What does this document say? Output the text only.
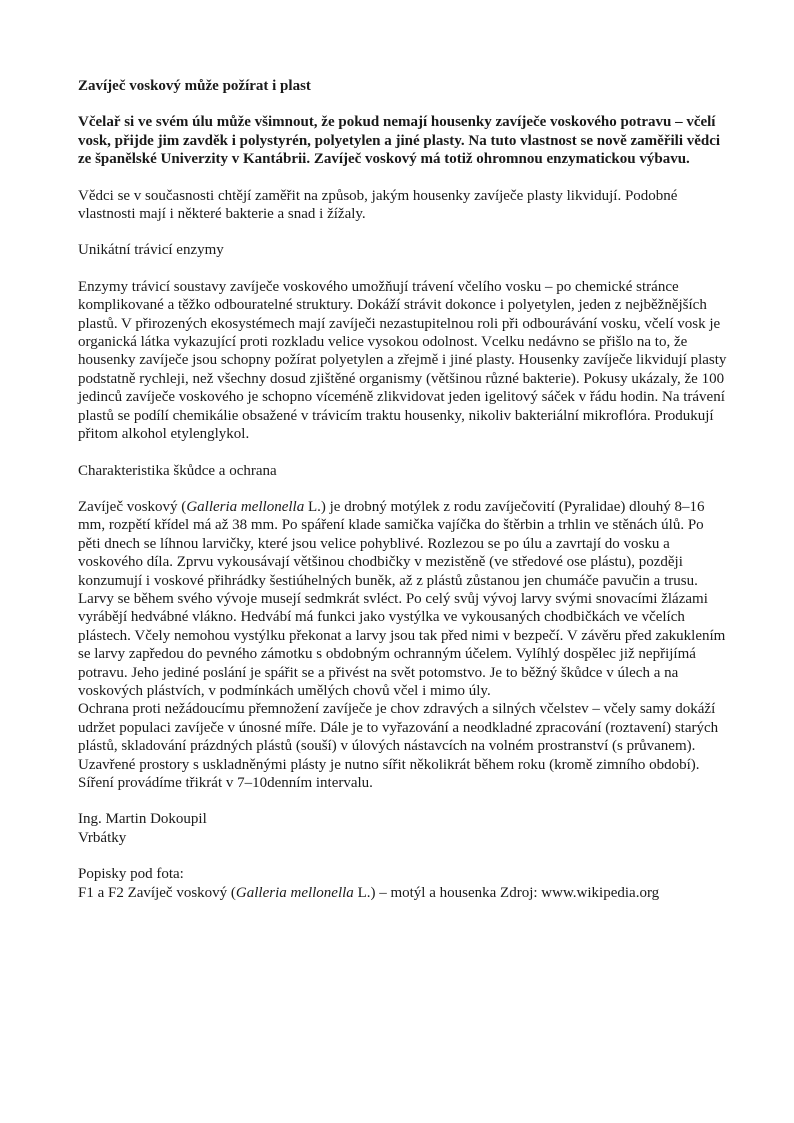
Zavíječ voskový může požírat i plast

Včelař si ve svém úlu může všimnout, že pokud nemají housenky zavíječe voskového potravu – včelí vosk, přijde jim zavděk i polystyrén, polyetylen a jiné plasty. Na tuto vlastnost se nově zaměřili vědci ze španělské Univerzity v Kantábrii. Zavíječ voskový má totiž ohromnou enzymatickou výbavu.

Vědci se v současnosti chtějí zaměřit na způsob, jakým housenky zavíječe plasty likvidují. Podobné vlastnosti mají i některé bakterie a snad i žížaly.

Unikátní trávicí enzymy

Enzymy trávicí soustavy zavíječe voskového umožňují trávení včelího vosku – po chemické stránce komplikované a těžko odbouratelné struktury. Dokáží strávit dokonce i polyetylen, jeden z nejběžnějších plastů. V přirozených ekosystémech mají zavíječi nezastupitelnou roli při odbourávání vosku, včelí vosk je organická látka vykazující proti rozkladu velice vysokou odolnost. Vcelku nedávno se přišlo na to, že housenky zavíječe jsou schopny požírat polyetylen a zřejmě i jiné plasty. Housenky zavíječe likvidují plasty podstatně rychleji, než všechny dosud zjištěné organismy (většinou různé bakterie). Pokusy ukázaly, že 100 jedinců zavíječe voskového je schopno víceméně zlikvidovat jeden igelitový sáček v řádu hodin. Na trávení plastů se podílí chemikálie obsažené v trávicím traktu housenky, nikoliv bakteriální mikroflóra. Produkují přitom alkohol etylenglykol.

Charakteristika škůdce a ochrana

Zavíječ voskový (Galleria mellonella L.) je drobný motýlek z rodu zavíječovití (Pyralidae) dlouhý 8–16 mm, rozpětí křídel má až 38 mm. Po spáření klade samička vajíčka do štěrbin a trhlin ve stěnách úlů. Po pěti dnech se líhnou larvičky, které jsou velice pohyblivé. Rozlezou se po úlu a zavrtají do vosku a voskového díla. Zprvu vykousávají většinou chodbičky v mezistěně (ve středové ose plástu), později konzumují i voskové přihrádky šestiúhelných buněk, až z plástů zůstanou jen chumáče pavučin a trusu. Larvy se během svého vývoje musejí sedmkrát svléct. Po celý svůj vývoj larvy svými snovacími žlázami vyrábějí hedvábné vlákno. Hedvábí má funkci jako vystýlka ve vykousaných chodbičkách ve včelích plástech. Včely nemohou vystýlku překonat a larvy jsou tak před nimi v bezpečí. V závěru před zakuklením se larvy zapředou do pevného zámotku s obdobným ochranným účelem. Vylíhlý dospělec již nepřijímá potravu. Jeho jediné poslání je spářit se a přivést na svět potomstvo. Je to běžný škůdce v úlech a na voskových plástvích, v podmínkách umělých chovů včel i mimo úly.

Ochrana proti nežádoucímu přemnožení zavíječe je chov zdravých a silných včelstev – včely samy dokáží udržet populaci zavíječe v únosné míře. Dále je to vyřazování a neodkladné zpracování (roztavení) starých plástů, skladování prázdných plástů (souší) v úlových nástavcích na volném prostranství (s průvanem). Uzavřené prostory s uskladněnými plásty je nutno sířit několikrát během roku (kromě zimního období). Síření provádíme třikrát v 7–10denním intervalu.

Ing. Martin Dokoupil
Vrbátky

Popisky pod fota:
F1 a F2 Zavíječ voskový (Galleria mellonella L.) – motýl a housenka Zdroj: www.wikipedia.org
